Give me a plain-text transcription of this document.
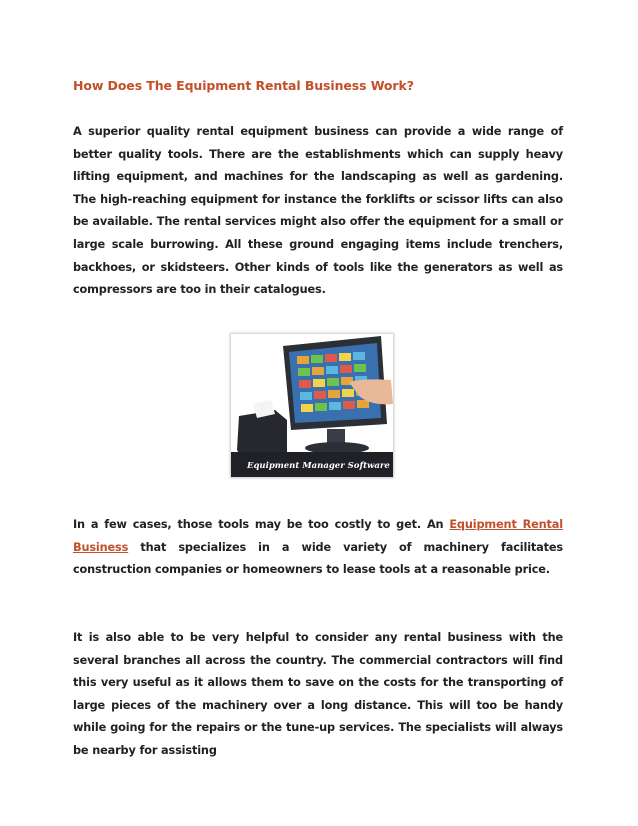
How Does The Equipment Rental Business Work?

A superior quality rental equipment business can provide a wide range of better quality tools. There are the establishments which can supply heavy lifting equipment, and machines for the landscaping as well as gardening. The high-reaching equipment for instance the forklifts or scissor lifts can also be available. The rental services might also offer the equipment for a small or large scale burrowing. All these ground engaging items include trenchers, backhoes, or skidsteers. Other kinds of tools like the generators as well as compressors are too in their catalogues.

Equipment Manager Software

In a few cases, those tools may be too costly to get. An Equipment Rental Business that specializes in a wide variety of machinery facilitates construction companies or homeowners to lease tools at a reasonable price.

It is also able to be very helpful to consider any rental business with the several branches all across the country. The commercial contractors will find this very useful as it allows them to save on the costs for the transporting of large pieces of the machinery over a long distance. This will too be handy while going for the repairs or the tune-up services. The specialists will always be nearby for assisting
